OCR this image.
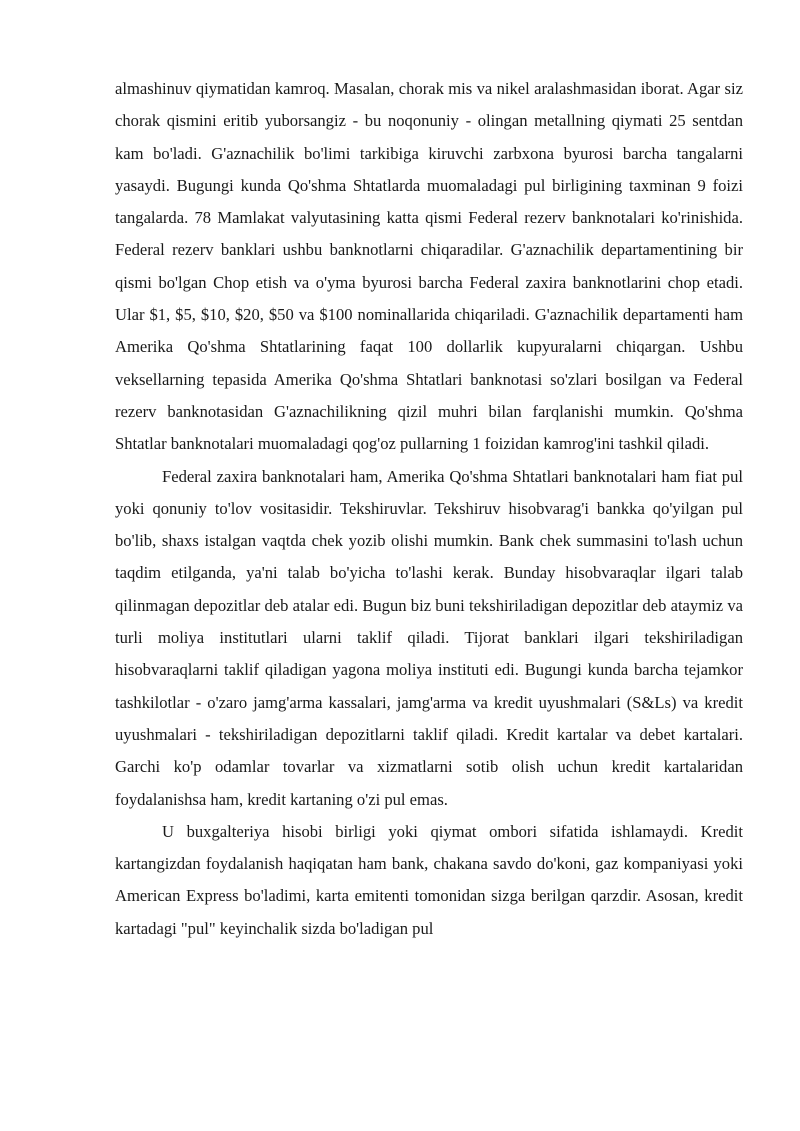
almashinuv qiymatidan kamroq. Masalan, chorak mis va nikel aralashmasidan iborat. Agar siz chorak qismini eritib yuborsangiz - bu noqonuniy - olingan metallning qiymati 25 sentdan kam bo'ladi. G'aznachilik bo'limi tarkibiga kiruvchi zarbxona byurosi barcha tangalarni yasaydi. Bugungi kunda Qo'shma Shtatlarda muomaladagi pul birligining taxminan 9 foizi tangalarda. 78 Mamlakat valyutasining katta qismi Federal rezerv banknotalari ko'rinishida. Federal rezerv banklari ushbu banknotlarni chiqaradilar. G'aznachilik departamentining bir qismi bo'lgan Chop etish va o'yma byurosi barcha Federal zaxira banknotlarini chop etadi. Ular $1, $5, $10, $20, $50 va $100 nominallarida chiqariladi. G'aznachilik departamenti ham Amerika Qo'shma Shtatlarining faqat 100 dollarlik kupyuralarni chiqargan. Ushbu veksellarning tepasida Amerika Qo'shma Shtatlari banknotasi so'zlari bosilgan va Federal rezerv banknotasidan G'aznachilikning qizil muhri bilan farqlanishi mumkin. Qo'shma Shtatlar banknotalari muomaladagi qog'oz pullarning 1 foizidan kamrog'ini tashkil qiladi.

Federal zaxira banknotalari ham, Amerika Qo'shma Shtatlari banknotalari ham fiat pul yoki qonuniy to'lov vositasidir. Tekshiruvlar. Tekshiruv hisobvarag'i bankka qo'yilgan pul bo'lib, shaxs istalgan vaqtda chek yozib olishi mumkin. Bank chek summasini to'lash uchun taqdim etilganda, ya'ni talab bo'yicha to'lashi kerak. Bunday hisobvaraqlar ilgari talab qilinmagan depozitlar deb atalar edi. Bugun biz buni tekshiriladigan depozitlar deb ataymiz va turli moliya institutlari ularni taklif qiladi. Tijorat banklari ilgari tekshiriladigan hisobvaraqlarni taklif qiladigan yagona moliya instituti edi. Bugungi kunda barcha tejamkor tashkilotlar - o'zaro jamg'arma kassalari, jamg'arma va kredit uyushmalari (S&Ls) va kredit uyushmalari - tekshiriladigan depozitlarni taklif qiladi. Kredit kartalar va debet kartalari. Garchi ko'p odamlar tovarlar va xizmatlarni sotib olish uchun kredit kartalaridan foydalanishsa ham, kredit kartaning o'zi pul emas.

U buxgalteriya hisobi birligi yoki qiymat ombori sifatida ishlamaydi. Kredit kartangizdan foydalanish haqiqatan ham bank, chakana savdo do'koni, gaz kompaniyasi yoki American Express bo'ladimi, karta emitenti tomonidan sizga berilgan qarzdir. Asosan, kredit kartadagi "pul" keyinchalik sizda bo'ladigan pul
